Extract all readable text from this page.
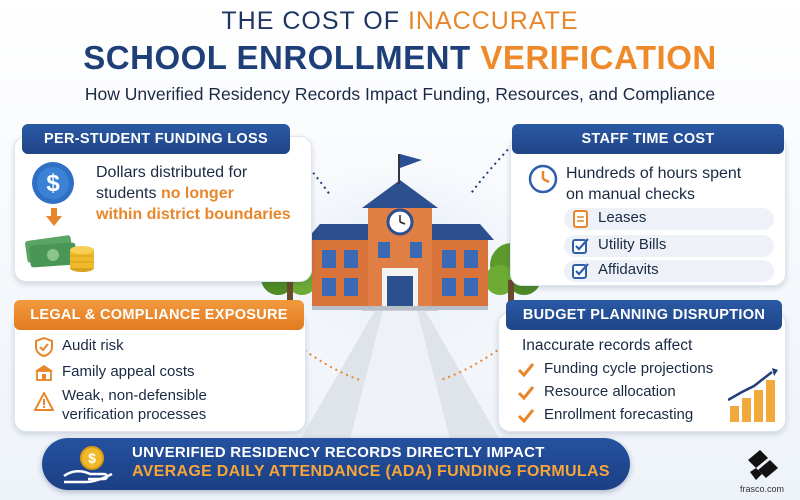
THE COST OF INACCURATE
SCHOOL ENROLLMENT VERIFICATION
How Unverified Residency Records Impact Funding, Resources, and Compliance
PER-STUDENT FUNDING LOSS
$ Dollars distributed for
students no longer
within district boundaries
STAFF TIME COST
Hundreds of hours spent
on manual checks
Leases
Utility Bills
Affidavits
LEGAL & COMPLIANCE EXPOSURE
Audit risk
Family appeal costs
Weak, non-defensible
verification processes
BUDGET PLANNING DISRUPTION
Inaccurate records affect
Funding cycle projections
Resource allocation
Enrollment forecasting
$ UNVERIFIED RESIDENCY RECORDS DIRECTLY IMPACT
AVERAGE DAILY ATTENDANCE (ADA) FUNDING FORMULAS
frasco.com
